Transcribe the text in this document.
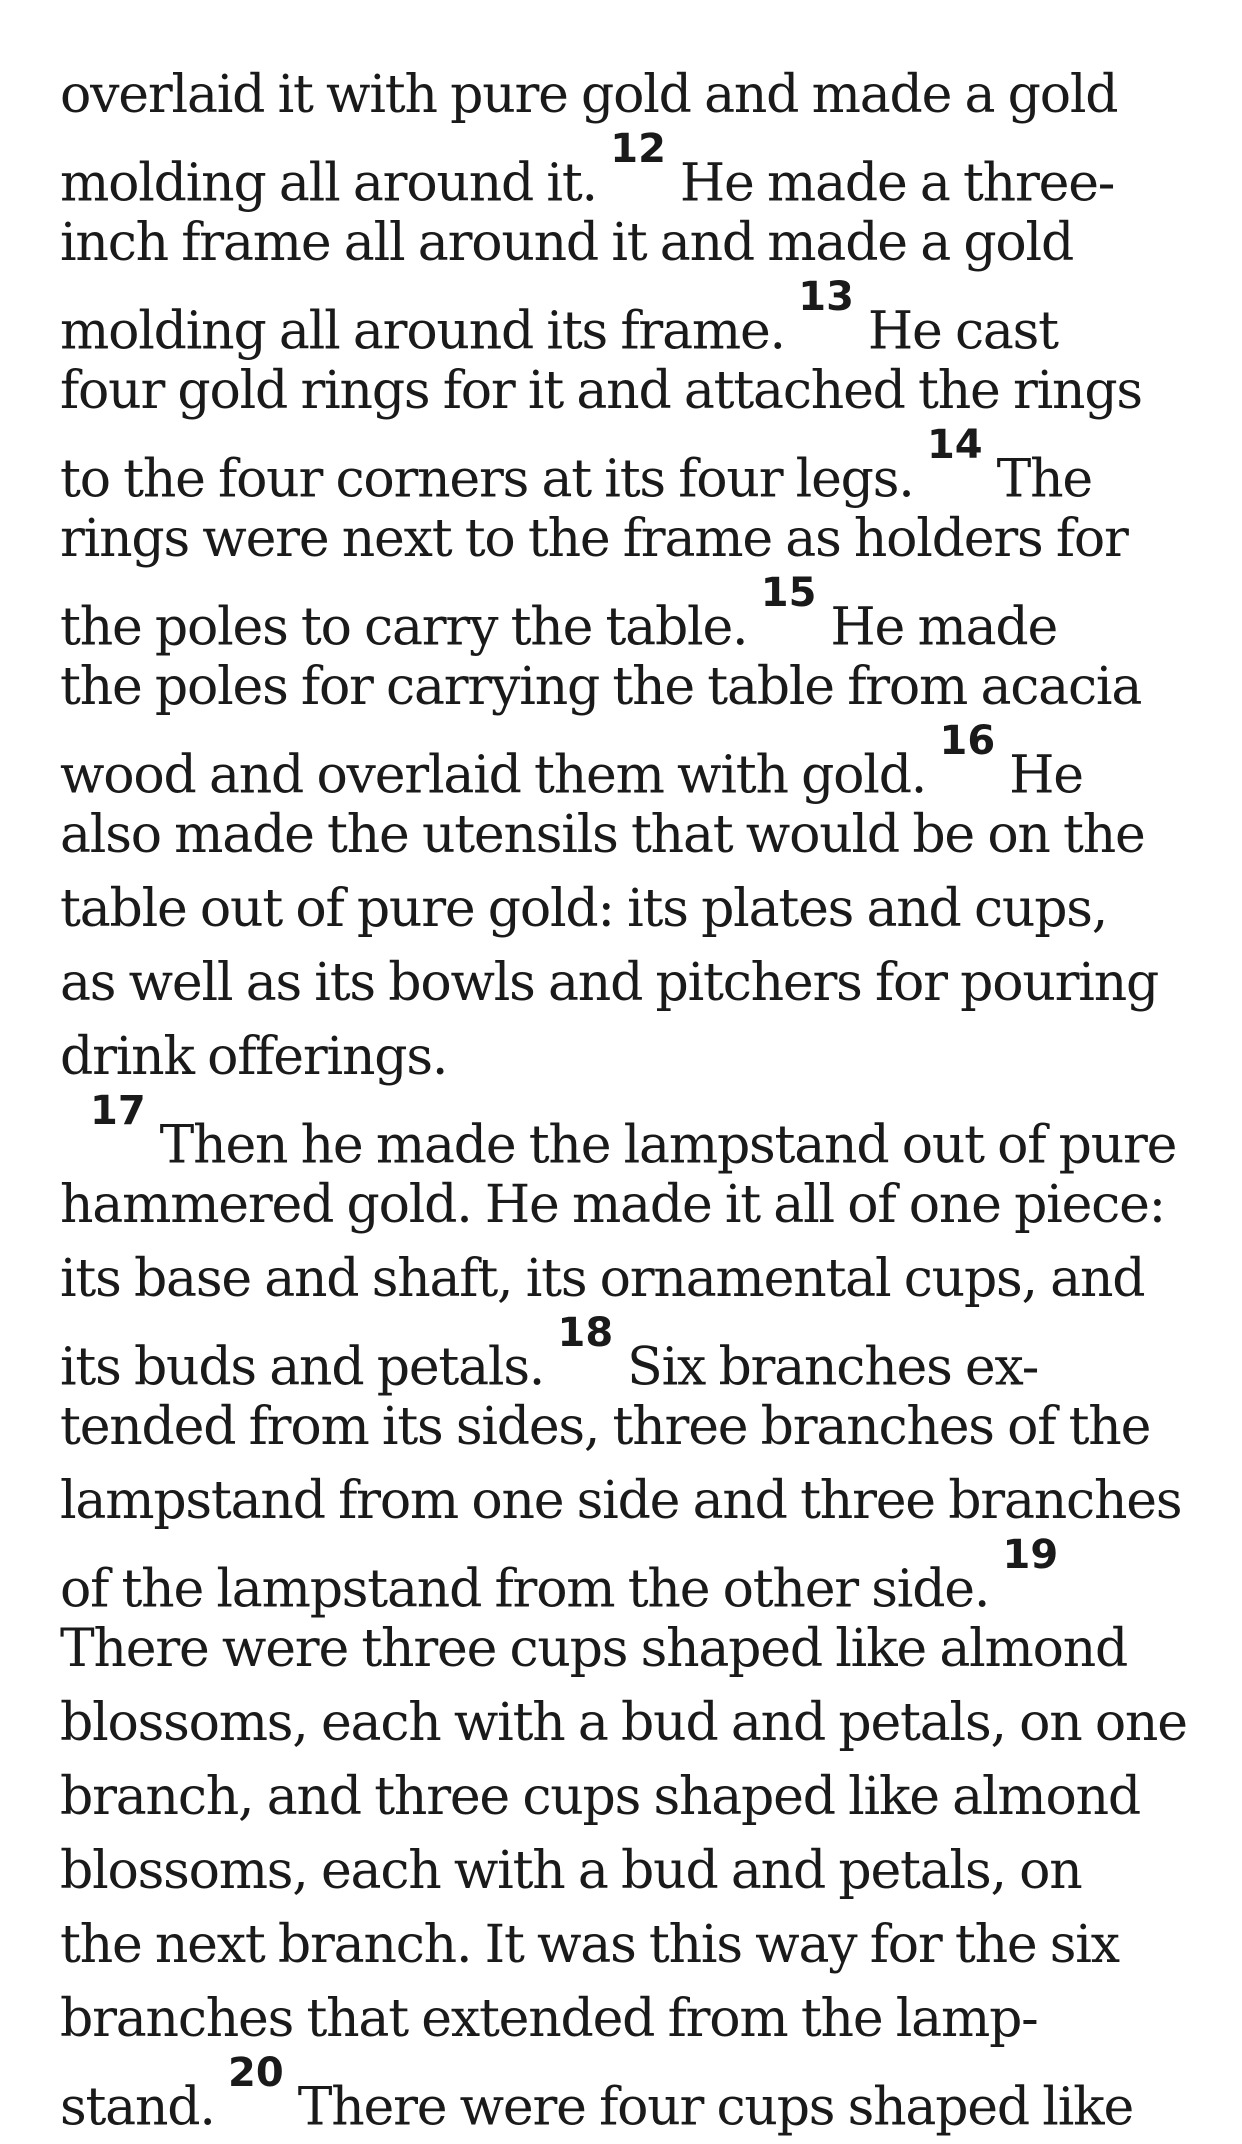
overlaid it with pure gold and made a gold
molding all around it. $^{12}$He made a three-
inch frame all around it and made a gold
molding all around its frame. $^{13}$He cast
four gold rings for it and attached the rings
to the four corners at its four legs. $^{14}$The
rings were next to the frame as holders for
the poles to carry the table. $^{15}$He made
the poles for carrying the table from acacia
wood and overlaid them with gold. $^{16}$He
also made the utensils that would be on the
table out of pure gold: its plates and cups,
as well as its bowls and pitchers for pouring
drink offerings.
$^{17}$Then he made the lampstand out of pure
hammered gold. He made it all of one piece:
its base and shaft, its ornamental cups, and
its buds and petals. $^{18}$Six branches ex-
tended from its sides, three branches of the
lampstand from one side and three branches
of the lampstand from the other side. $^{19}$
There were three cups shaped like almond
blossoms, each with a bud and petals, on one
branch, and three cups shaped like almond
blossoms, each with a bud and petals, on
the next branch. It was this way for the six
branches that extended from the lamp-
stand. $^{20}$There were four cups shaped like
